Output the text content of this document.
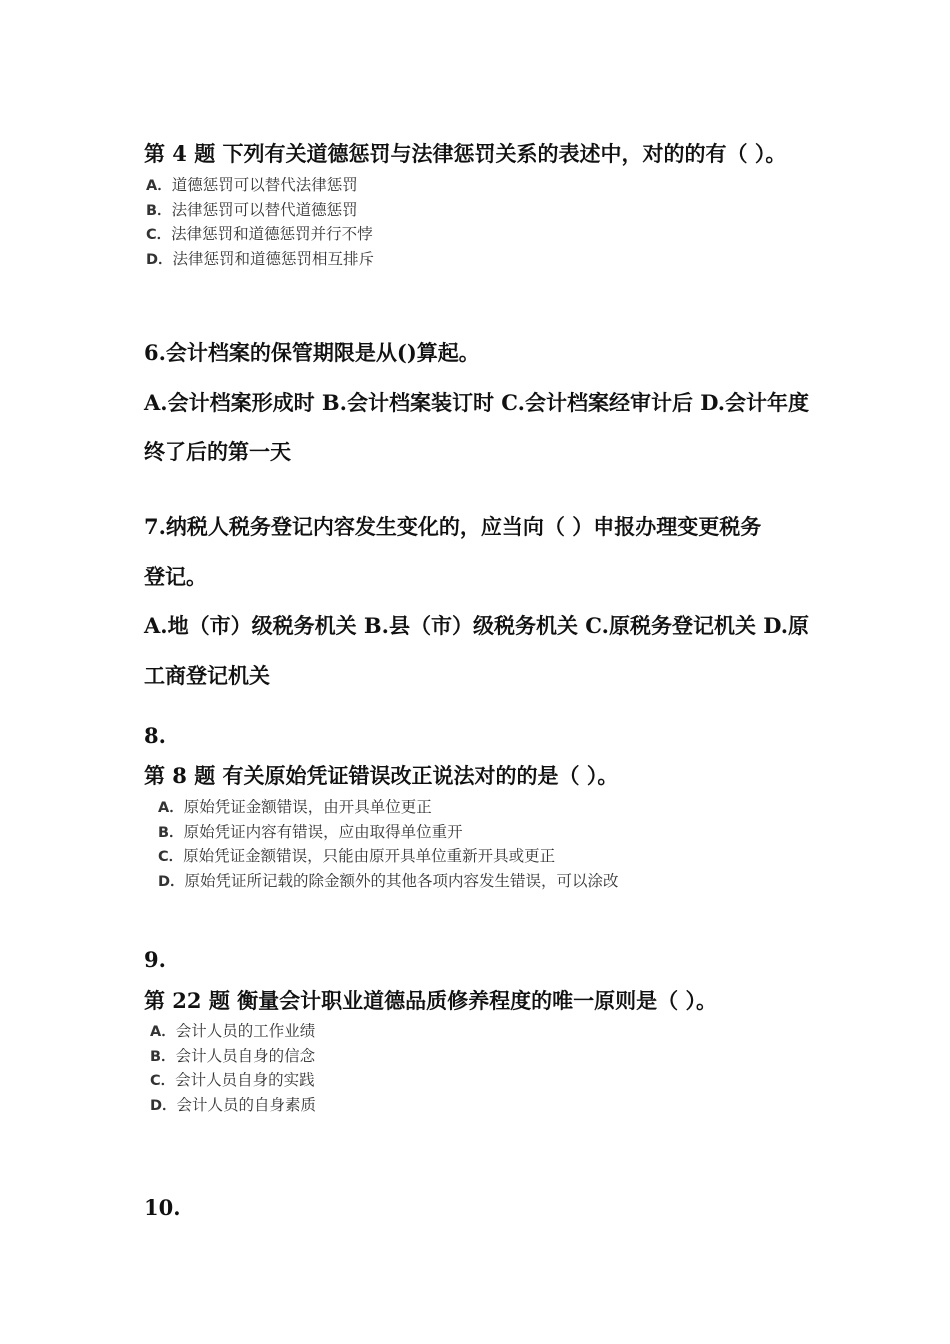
第 4 题 下列有关道德惩罚与法律惩罚关系的表述中，对的的有（ ）。
A．道德惩罚可以替代法律惩罚
B．法律惩罚可以替代道德惩罚
C．法律惩罚和道德惩罚并行不悖
D．法律惩罚和道德惩罚相互排斥
6.会计档案的保管期限是从()算起。
A.会计档案形成时 B.会计档案装订时 C.会计档案经审计后 D.会计年度
终了后的第一天
7.纳税人税务登记内容发生变化的，应当向（ ）申报办理变更税务
登记。
A.地（市）级税务机关 B.县（市）级税务机关 C.原税务登记机关 D.原
工商登记机关
8.
第 8 题 有关原始凭证错误改正说法对的的是（ ）。
A．原始凭证金额错误，由开具单位更正
B．原始凭证内容有错误，应由取得单位重开
C．原始凭证金额错误，只能由原开具单位重新开具或更正
D．原始凭证所记载的除金额外的其他各项内容发生错误，可以涂改
9.
第 22 题 衡量会计职业道德品质修养程度的唯一原则是（ ）。
A．会计人员的工作业绩
B．会计人员自身的信念
C．会计人员自身的实践
D．会计人员的自身素质
10.
